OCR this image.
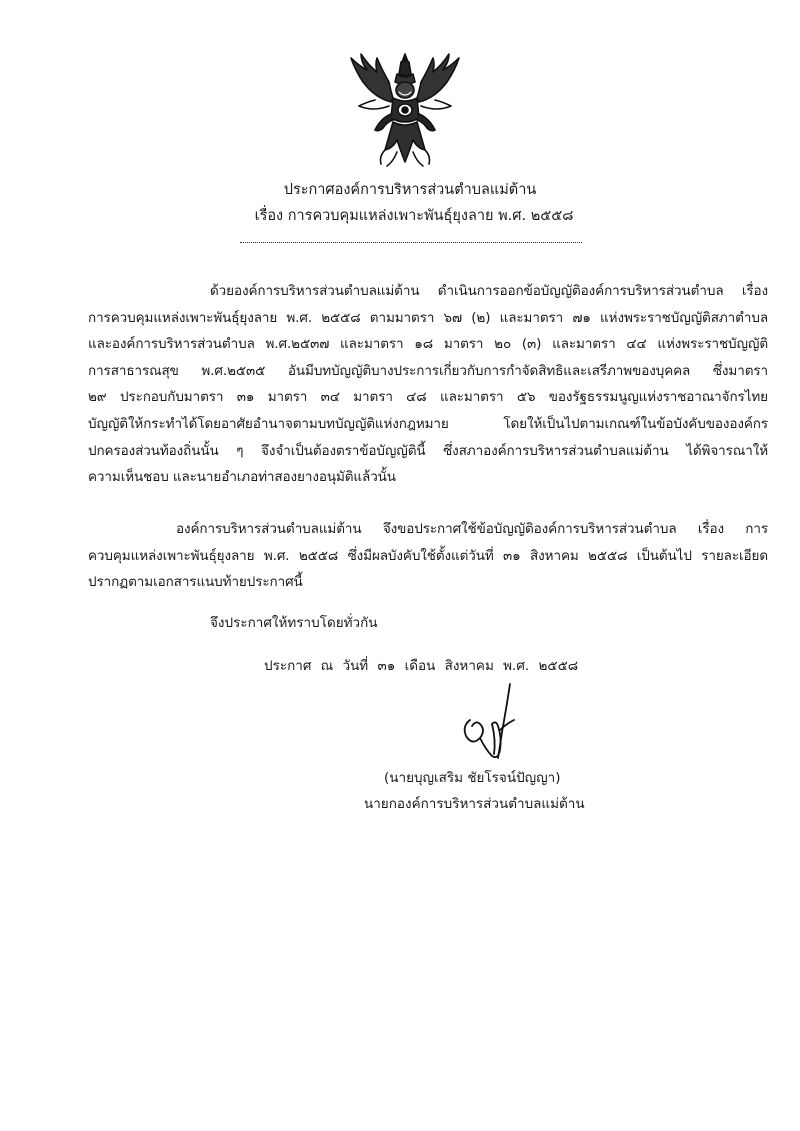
ประกาศองค์การบริหารส่วนตำบลแม่ต้าน
เรื่อง การควบคุมแหล่งเพาะพันธุ์ยุงลาย พ.ศ. ๒๕๕๘
ด้วยองค์การบริหารส่วนตำบลแม่ต้าน ดำเนินการออกข้อบัญญัติองค์การบริหารส่วนตำบล เรื่อง
การควบคุมแหล่งเพาะพันธุ์ยุงลาย พ.ศ. ๒๕๕๘ ตามมาตรา ๖๗ (๒) และมาตรา ๗๑ แห่งพระราชบัญญัติสภาตำบล
และองค์การบริหารส่วนตำบล พ.ศ.๒๕๓๗ และมาตรา ๑๘ มาตรา ๒๐ (๓) และมาตรา ๔๔ แห่งพระราชบัญญัติ
การสาธารณสุข พ.ศ.๒๕๓๕ อันมีบทบัญญัติบางประการเกี่ยวกับการกำจัดสิทธิและเสรีภาพของบุคคล ซึ่งมาตรา
๒๙ ประกอบกับมาตรา ๓๑ มาตรา ๓๔ มาตรา ๔๘ และมาตรา ๕๖ ของรัฐธรรมนูญแห่งราชอาณาจักรไทย
บัญญัติให้กระทำได้โดยอาศัยอำนาจตามบทบัญญัติแห่งกฎหมาย โดยให้เป็นไปตามเกณฑ์ในข้อบังคับขององค์กร
ปกครองส่วนท้องถิ่นนั้น ๆ จึงจำเป็นต้องตราข้อบัญญัตินี้ ซึ่งสภาองค์การบริหารส่วนตำบลแม่ต้าน ได้พิจารณาให้
ความเห็นชอบ และนายอำเภอท่าสองยางอนุมัติแล้วนั้น
องค์การบริหารส่วนตำบลแม่ต้าน จึงขอประกาศใช้ข้อบัญญัติองค์การบริหารส่วนตำบล เรื่อง การ
ควบคุมแหล่งเพาะพันธุ์ยุงลาย พ.ศ. ๒๕๕๘ ซึ่งมีผลบังคับใช้ตั้งแต่วันที่ ๓๑ สิงหาคม ๒๕๕๘ เป็นต้นไป รายละเอียด
ปรากฏตามเอกสารแนบท้ายประกาศนี้
จึงประกาศให้ทราบโดยทั่วกัน
ประกาศ ณ วันที่ ๓๑ เดือน สิงหาคม พ.ศ. ๒๕๕๘
(นายบุญเสริม ชัยโรจน์ปัญญา)
นายกองค์การบริหารส่วนตำบลแม่ต้าน
